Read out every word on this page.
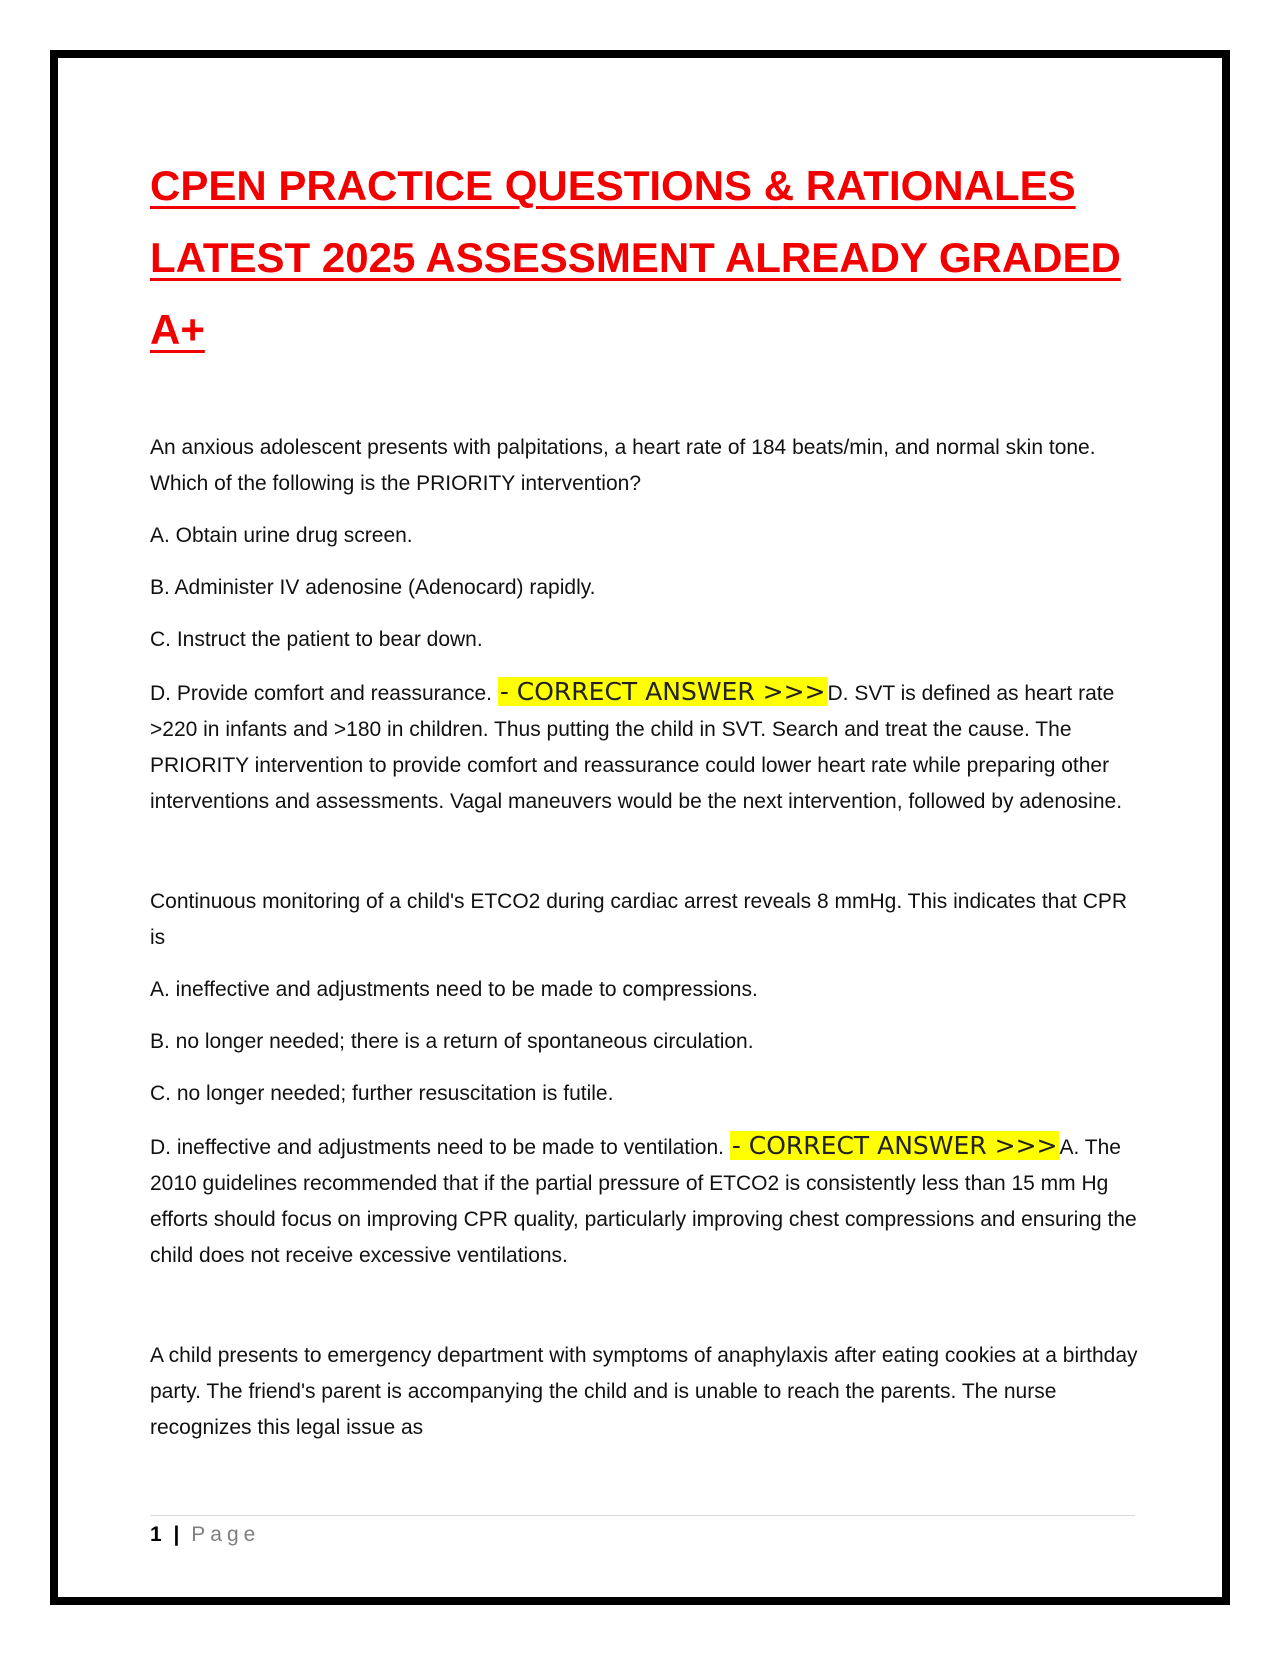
CPEN PRACTICE QUESTIONS & RATIONALES
LATEST 2025 ASSESSMENT ALREADY GRADED
A+

An anxious adolescent presents with palpitations, a heart rate of 184 beats/min, and normal skin tone. Which of the following is the PRIORITY intervention?

A. Obtain urine drug screen.

B. Administer IV adenosine (Adenocard) rapidly.

C. Instruct the patient to bear down.

D. Provide comfort and reassurance. - CORRECT ANSWER >>>D. SVT is defined as heart rate >220 in infants and >180 in children. Thus putting the child in SVT. Search and treat the cause. The PRIORITY intervention to provide comfort and reassurance could lower heart rate while preparing other interventions and assessments. Vagal maneuvers would be the next intervention, followed by adenosine.

Continuous monitoring of a child's ETCO2 during cardiac arrest reveals 8 mmHg. This indicates that CPR is

A. ineffective and adjustments need to be made to compressions.

B. no longer needed; there is a return of spontaneous circulation.

C. no longer needed; further resuscitation is futile.

D. ineffective and adjustments need to be made to ventilation. - CORRECT ANSWER >>>A. The 2010 guidelines recommended that if the partial pressure of ETCO2 is consistently less than 15 mm Hg efforts should focus on improving CPR quality, particularly improving chest compressions and ensuring the child does not receive excessive ventilations.

A child presents to emergency department with symptoms of anaphylaxis after eating cookies at a birthday party. The friend's parent is accompanying the child and is unable to reach the parents. The nurse recognizes this legal issue as

1 | Page
